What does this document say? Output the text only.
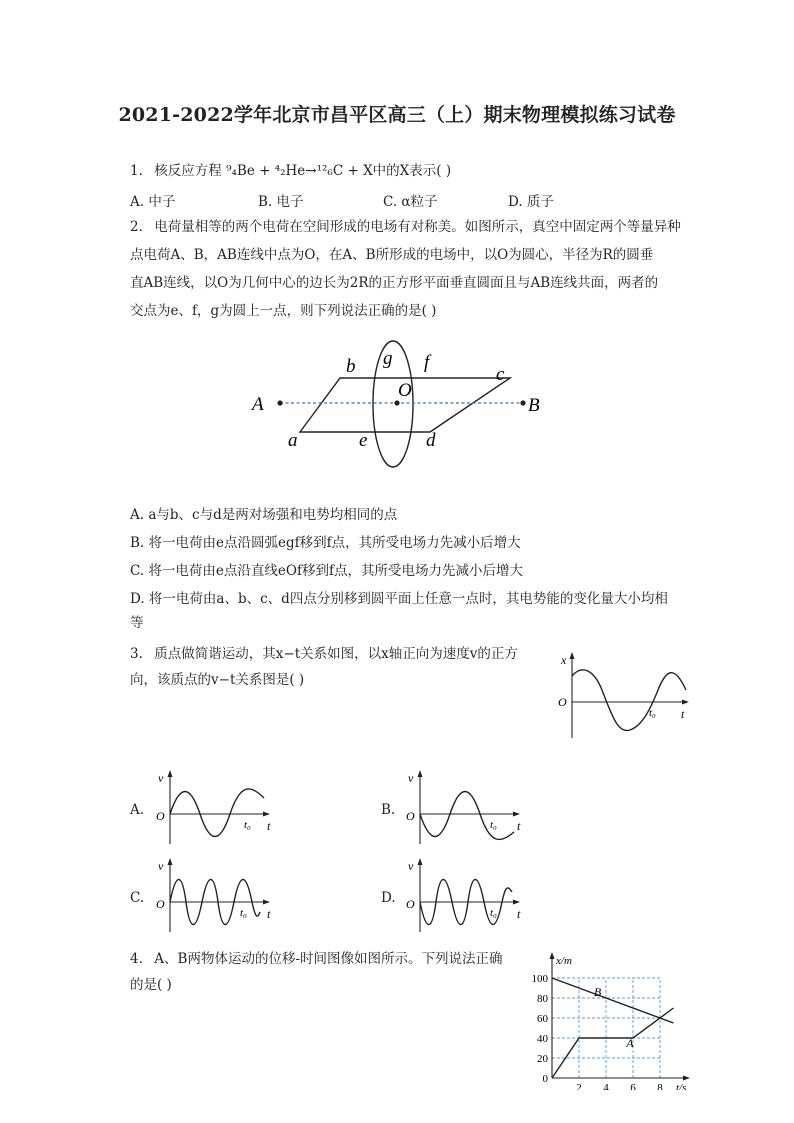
2021-2022学年北京市昌平区高三（上）期末物理模拟练习试卷
1. 核反应方程 ⁹₄Be + ⁴₂He→¹²₆C + X中的X表示( )
A. 中子	B. 电子	C. α粒子	D. 质子
2. 电荷量相等的两个电荷在空间形成的电场有对称美。如图所示，真空中固定两个等量异种
点电荷A、B，AB连线中点为O，在A、B所形成的电场中，以O为圆心，半径为R的圆垂
直AB连线，以O为几何中心的边长为2R的正方形平面垂直圆面且与AB连线共面，两者的
交点为e、f，g为圆上一点，则下列说法正确的是( )
A	B
O
a
b	c
d
e
f
g
A. a与b、c与d是两对场强和电势均相同的点
B. 将一电荷由e点沿圆弧egf移到f点，其所受电场力先减小后增大
C. 将一电荷由e点沿直线eOf移到f点，其所受电场力先减小后增大
D. 将一电荷由a、b、c、d四点分别移到圆平面上任意一点时，其电势能的变化量大小均相
等
3. 质点做简谐运动，其x−t关系如图，以x轴正向为速度v的正方
向，该质点的v−t关系图是( )
x
O
t₀ t
A.
v
O
t₀ t
B.
v
O
t₀ t
C.
v
O
t₀ t
D.
v
O
t₀ t
4. A、B两物体运动的位移-时间图像如图所示。下列说法正确
的是( )
0
20
40
60
80
100
2 4 6 8
x/m
t/s
B
A
